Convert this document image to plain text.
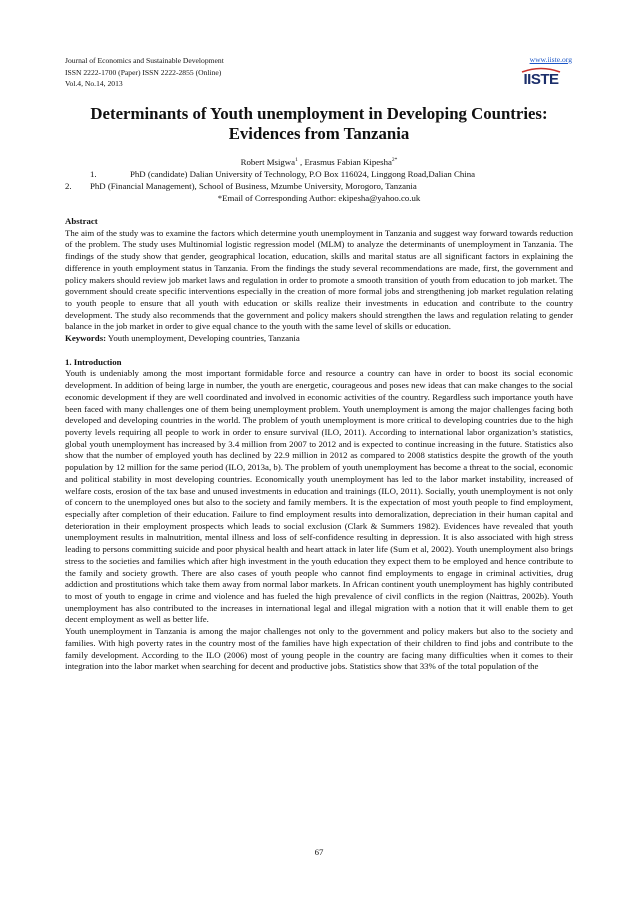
Journal of Economics and Sustainable Development
ISSN 2222-1700 (Paper) ISSN 2222-2855 (Online)
Vol.4, No.14, 2013
www.iiste.org
IISTE
Determinants of Youth unemployment in Developing Countries:
Evidences from Tanzania
Robert Msigwa$^1$ , Erasmus Fabian Kipesha$^{2*}$
1.	PhD (candidate) Dalian University of Technology, P.O Box 116024, Linggong Road,Dalian China
2. PhD (Financial Management), School of Business, Mzumbe University, Morogoro, Tanzania
*Email of Corresponding Author: ekipesha@yahoo.co.uk

Abstract

The aim of the study was to examine the factors which determine youth unemployment in Tanzania and suggest way forward towards reduction of the problem. The study uses Multinomial logistic regression model (MLM) to analyze the determinants of unemployment in Tanzania. The findings of the study show that gender, geographical location, education, skills and marital status are all significant factors in explaining the difference in youth employment status in Tanzania. From the findings the study several recommendations are made, first, the government and policy makers should review job market laws and regulation in order to promote a smooth transition of youth from education to job market. The government should create specific interventions especially in the creation of more formal jobs and strengthening job market regulation relating to youth people to ensure that all youth with education or skills realize their investments in education and contribute to the country development. The study also recommends that the government and policy makers should strengthen the laws and regulation relating to gender balance in the job market in order to give equal chance to the youth with the same level of skills or education.

Keywords: Youth unemployment, Developing countries, Tanzania

1. Introduction

Youth is undeniably among the most important formidable force and resource a country can have in order to boost its social economic development. In addition of being large in number, the youth are energetic, courageous and poses new ideas that can make changes to the social economic development if they are well coordinated and involved in economic activities of the country. Regardless such importance youth have been faced with many challenges one of them being unemployment problem. Youth unemployment is among the major challenges facing both developed and developing countries in the world. The problem of youth unemployment is more critical to developing countries due to the high poverty levels requiring all people to work in order to ensure survival (ILO, 2011). According to international labor organization’s statistics, global youth unemployment has increased by 3.4 million from 2007 to 2012 and is expected to continue increasing in the future. Statistics also show that the number of employed youth has declined by 22.9 million in 2012 as compared to 2008 statistics despite the growth of the youth population by 12 million for the same period (ILO, 2013a, b). The problem of youth unemployment has become a threat to the social, economic and political stability in most developing countries. Economically youth unemployment has led to the labor market instability, increased of welfare costs, erosion of the tax base and unused investments in education and trainings (ILO, 2011). Socially, youth unemployment is not only of concern to the unemployed ones but also to the society and family members. It is the expectation of most youth people to find employment, especially after completion of their education. Failure to find employment results into demoralization, depreciation in their human capital and deterioration in their employment prospects which leads to social exclusion (Clark & Summers 1982). Evidences have revealed that youth unemployment results in malnutrition, mental illness and loss of self-confidence resulting in depression. It is also associated with high stress leading to persons committing suicide and poor physical health and heart attack in later life (Sum et al, 2002). Youth unemployment also brings stress to the societies and families which after high investment in the youth education they expect them to be employed and hence contribute to the family and society growth. There are also cases of youth people who cannot find employments to engage in criminal activities, drug addiction and prostitutions which take them away from normal labor markets. In African continent youth unemployment has highly contributed to most of youth to engage in crime and violence and has fueled the high prevalence of civil conflicts in the region (Naittras, 2002b). Youth unemployment has also contributed to the increases in international legal and illegal migration with a notion that it will enable them to get decent employment as well as better life.

Youth unemployment in Tanzania is among the major challenges not only to the government and policy makers but also to the society and families. With high poverty rates in the country most of the families have high expectation of their children to find jobs and contribute to the family development. According to the ILO (2006) most of young people in the country are facing many difficulties when it comes to their integration into the labor market when searching for decent and productive jobs. Statistics show that 33% of the total population of the

67
